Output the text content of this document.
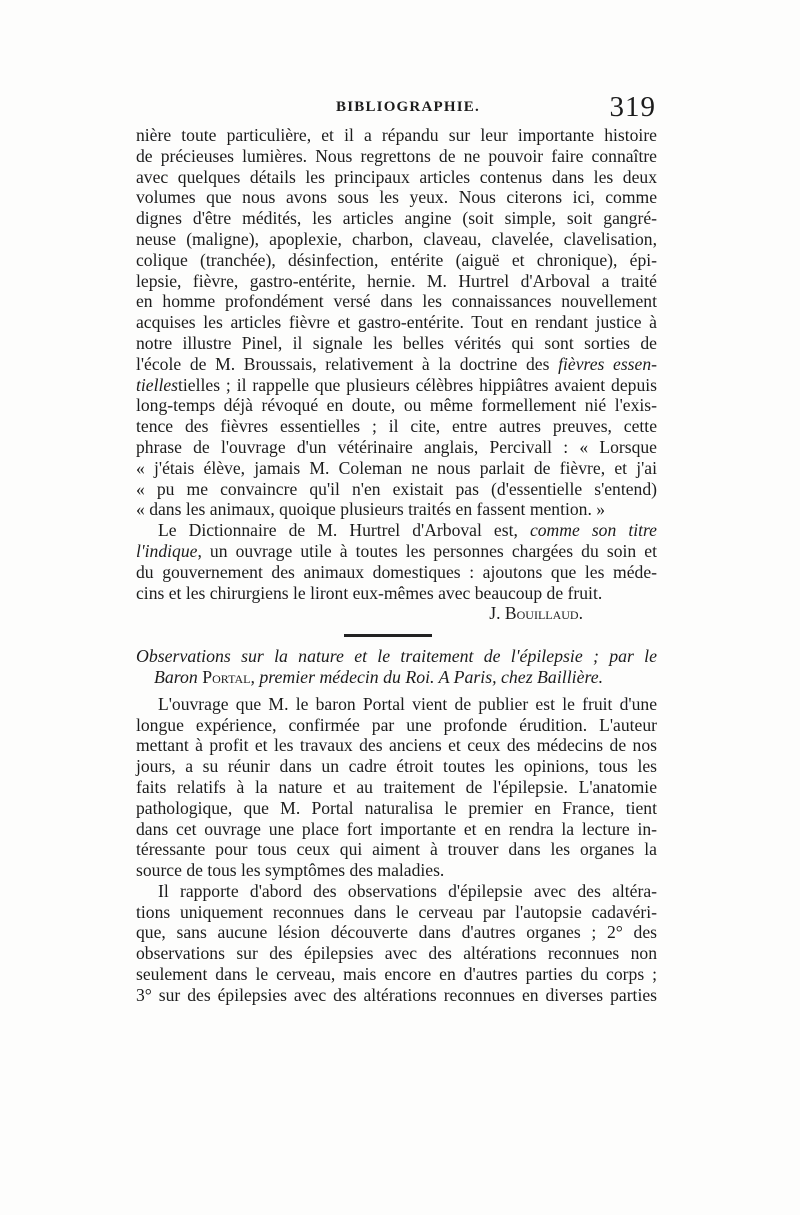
BIBLIOGRAPHIE.	319
nière toute particulière, et il a répandu sur leur importante histoire
de précieuses lumières. Nous regrettons de ne pouvoir faire connaître
avec quelques détails les principaux articles contenus dans les deux
volumes que nous avons sous les yeux. Nous citerons ici, comme
dignes d'être médités, les articles angine (soit simple, soit gangré-
neuse (maligne), apoplexie, charbon, claveau, clavelée, clavelisation,
colique (tranchée), désinfection, entérite (aiguë et chronique), épi-
lepsie, fièvre, gastro-entérite, hernie. M. Hurtrel d'Arboval a traité
en homme profondément versé dans les connaissances nouvellement
acquises les articles fièvre et gastro-entérite. Tout en rendant justice à
notre illustre Pinel, il signale les belles vérités qui sont sorties de
l'école de M. Broussais, relativement à la doctrine des fièvres essen-
tiellestielles ; il rappelle que plusieurs célèbres hippiâtres avaient depuis
long-temps déjà révoqué en doute, ou même formellement nié l'exis-
tence des fièvres essentielles ; il cite, entre autres preuves, cette
phrase de l'ouvrage d'un vétérinaire anglais, Percivall : « Lorsque
« j'étais élève, jamais M. Coleman ne nous parlait de fièvre, et j'ai
« pu me convaincre qu'il n'en existait pas (d'essentielle s'entend)
« dans les animaux, quoique plusieurs traités en fassent mention. »
Le Dictionnaire de M. Hurtrel d'Arboval est, comme son titre
l'indique, un ouvrage utile à toutes les personnes chargées du soin et
du gouvernement des animaux domestiques : ajoutons que les méde-
cins et les chirurgiens le liront eux-mêmes avec beaucoup de fruit.
J. Bouillaud.
Observations sur la nature et le traitement de l'épilepsie ; par le
Baron Portal, premier médecin du Roi. A Paris, chez Baillière.
L'ouvrage que M. le baron Portal vient de publier est le fruit d'une
longue expérience, confirmée par une profonde érudition. L'auteur
mettant à profit et les travaux des anciens et ceux des médecins de nos
jours, a su réunir dans un cadre étroit toutes les opinions, tous les
faits relatifs à la nature et au traitement de l'épilepsie. L'anatomie
pathologique, que M. Portal naturalisa le premier en France, tient
dans cet ouvrage une place fort importante et en rendra la lecture in-
téressante pour tous ceux qui aiment à trouver dans les organes la
source de tous les symptômes des maladies.
Il rapporte d'abord des observations d'épilepsie avec des altéra-
tions uniquement reconnues dans le cerveau par l'autopsie cadavéri-
que, sans aucune lésion découverte dans d'autres organes ; 2° des
observations sur des épilepsies avec des altérations reconnues non
seulement dans le cerveau, mais encore en d'autres parties du corps ;
3° sur des épilepsies avec des altérations reconnues en diverses parties
